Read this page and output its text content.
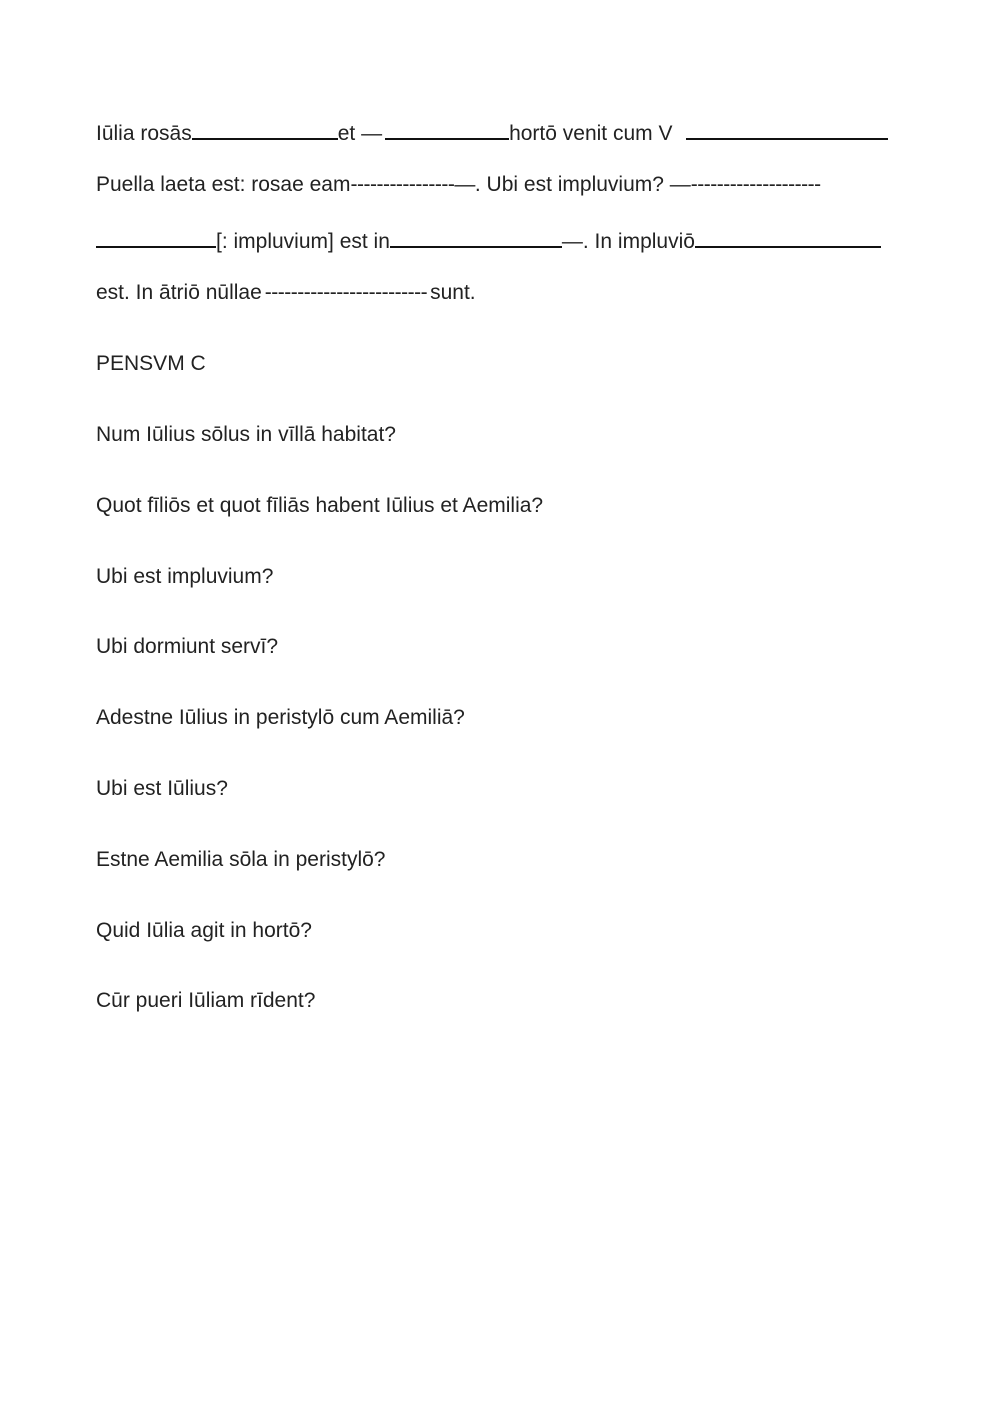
Iūlia rosās	et —	hortō venit cum V
Puella laeta est: rosae eam----------------—. Ubi est impluvium? —--------------------
[: impluvium] est in	—. In impluviō
est. In ātriō nūllae ------------------------- sunt.
PENSVM C
Num Iūlius sōlus in vīllā habitat?
Quot fīliōs et quot fīliās habent Iūlius et Aemilia?
Ubi est impluvium?
Ubi dormiunt servī?
Adestne Iūlius in peristylō cum Aemiliā?
Ubi est Iūlius?
Estne Aemilia sōla in peristylō?
Quid Iūlia agit in hortō?
Cūr pueri Iūliam rīdent?
